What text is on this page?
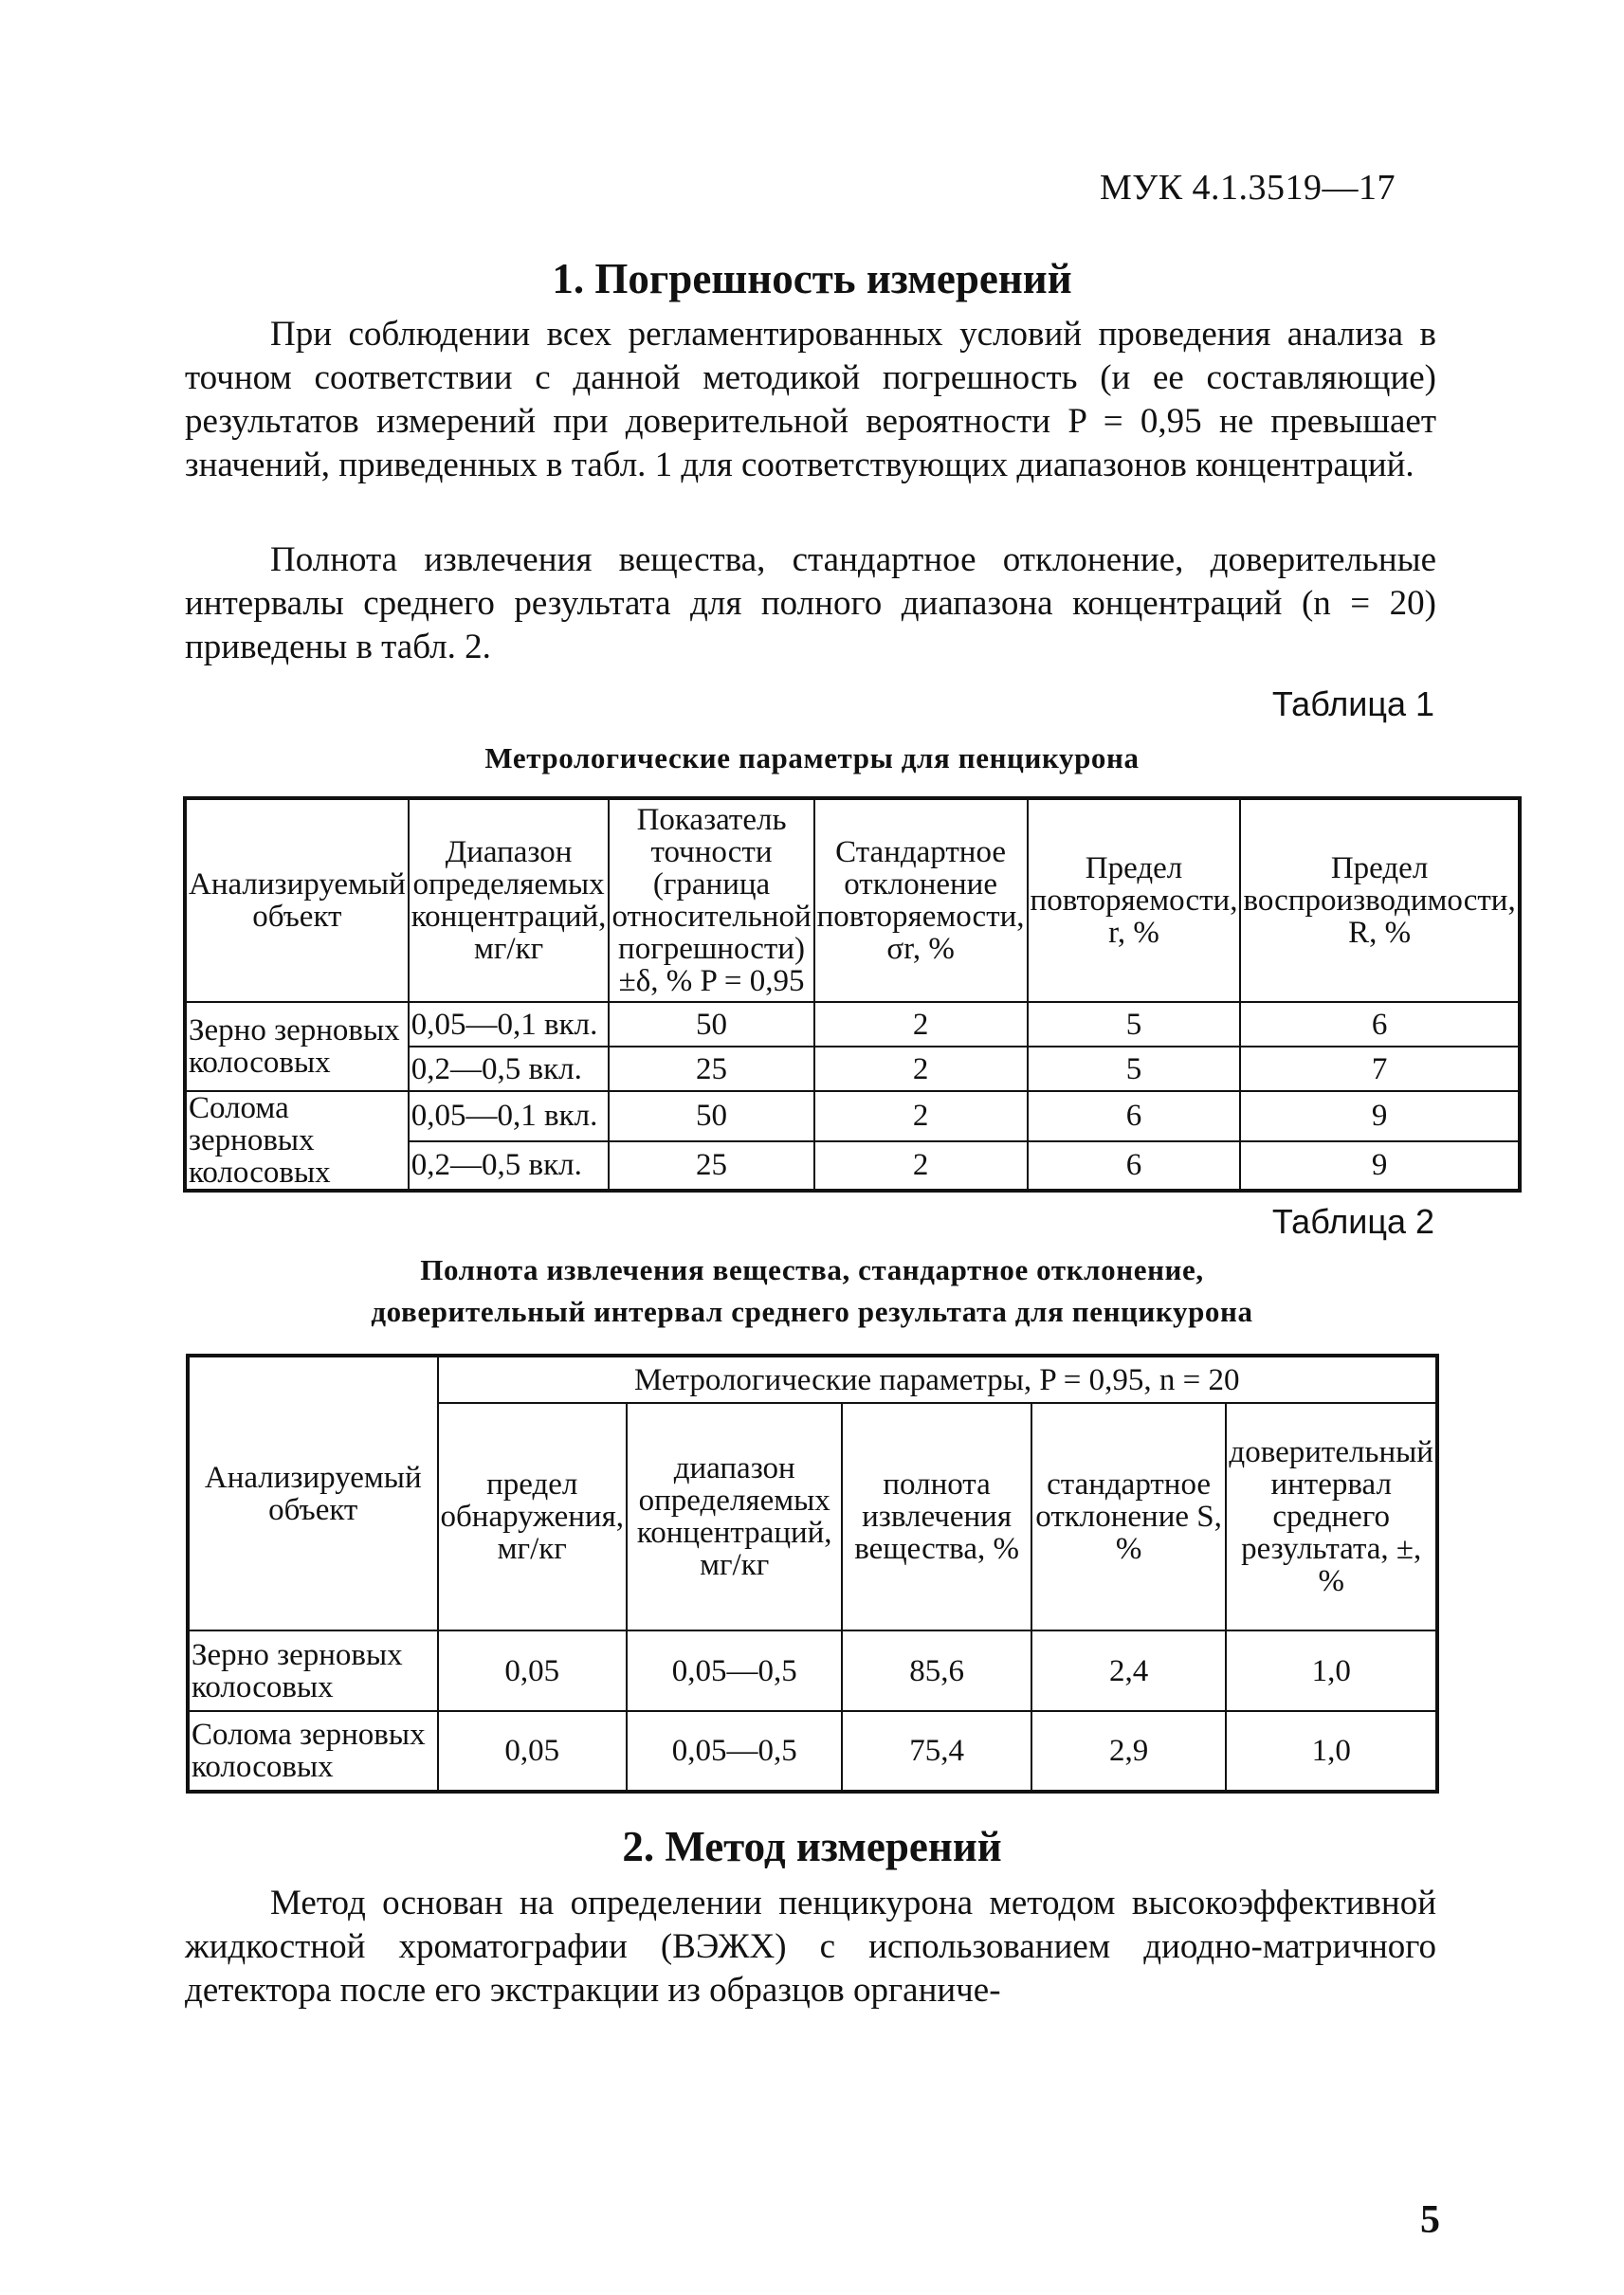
МУК 4.1.3519—17
1. Погрешность измерений
При соблюдении всех регламентированных условий проведения анализа в точном соответствии с данной методикой погрешность (и ее составляющие) результатов измерений при доверительной вероятности P = 0,95 не превышает значений, приведенных в табл. 1 для соответствующих диапазонов концентраций.
Полнота извлечения вещества, стандартное отклонение, доверительные интервалы среднего результата для полного диапазона концентраций (n = 20) приведены в табл. 2.
Таблица 1
Метрологические параметры для пенцикурона
Анализируемый объект	Диапазон определяемых концентраций, мг/кг	Показатель точности (граница относительной погрешности) ±δ, % P = 0,95	Стандартное отклонение повторяемости, σr, %	Предел повторяемости, r, %	Предел воспроизводимости, R, %
Зерно зерновых колосовых	0,05—0,1 вкл.	50	2	5	6
	0,2—0,5 вкл.	25	2	5	7
Солома зерновых колосовых	0,05—0,1 вкл.	50	2	6	9
	0,2—0,5 вкл.	25	2	6	9
Таблица 2
Полнота извлечения вещества, стандартное отклонение,
доверительный интервал среднего результата для пенцикурона
Анализируемый объект	Метрологические параметры, P = 0,95, n = 20				
	предел обнаружения, мг/кг	диапазон определяемых концентраций, мг/кг	полнота извлечения вещества, %	стандартное отклонение S, %	доверительный интервал среднего результата, ±, %
Зерно зерновых колосовых	0,05	0,05—0,5	85,6	2,4	1,0
Солома зерновых колосовых	0,05	0,05—0,5	75,4	2,9	1,0
2. Метод измерений
Метод основан на определении пенцикурона методом высокоэффективной жидкостной хроматографии (ВЭЖХ) с использованием диодно-матричного детектора после его экстракции из образцов органиче-
5
